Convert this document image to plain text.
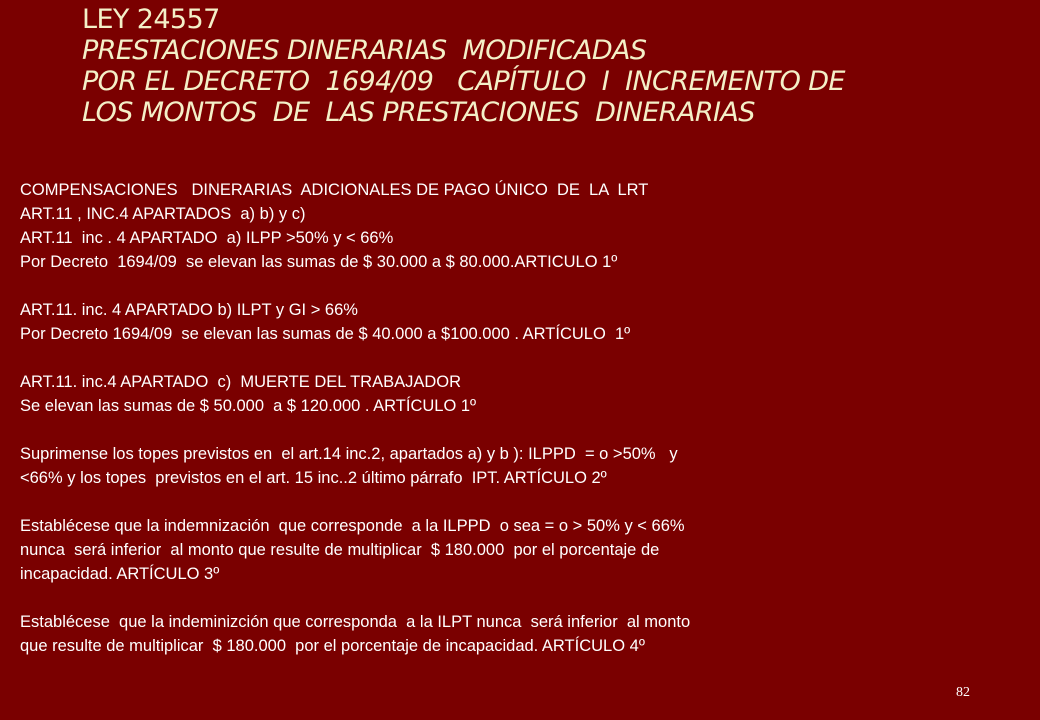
LEY 24557
PRESTACIONES DINERARIAS  MODIFICADAS
POR EL DECRETO  1694/09   CAPÍTULO  I  INCREMENTO DE
LOS MONTOS  DE  LAS PRESTACIONES  DINERARIAS
COMPENSACIONES   DINERARIAS  ADICIONALES DE PAGO ÚNICO  DE  LA  LRT
ART.11 , INC.4 APARTADOS  a) b) y c)
ART.11  inc . 4 APARTADO  a) ILPP >50% y < 66%
Por Decreto  1694/09  se elevan las sumas de $ 30.000 a $ 80.000.ARTICULO 1º
ART.11. inc. 4 APARTADO b) ILPT y GI > 66%
Por Decreto 1694/09  se elevan las sumas de $ 40.000 a $100.000 . ARTÍCULO  1º
ART.11. inc.4 APARTADO  c)  MUERTE DEL TRABAJADOR
Se elevan las sumas de $ 50.000  a $ 120.000 . ARTÍCULO 1º
Suprimense los topes previstos en  el art.14 inc.2, apartados a) y b ): ILPPD  = o >50%   y
<66% y los topes  previstos en el art. 15 inc..2 último párrafo  IPT. ARTÍCULO 2º
Establécese que la indemnización  que corresponde  a la ILPPD  o sea = o > 50% y < 66%
nunca  será inferior  al monto que resulte de multiplicar  $ 180.000  por el porcentaje de
incapacidad. ARTÍCULO 3º
Establécese  que la indeminizción que corresponda  a la ILPT nunca  será inferior  al monto
que resulte de multiplicar  $ 180.000  por el porcentaje de incapacidad. ARTÍCULO 4º
82
